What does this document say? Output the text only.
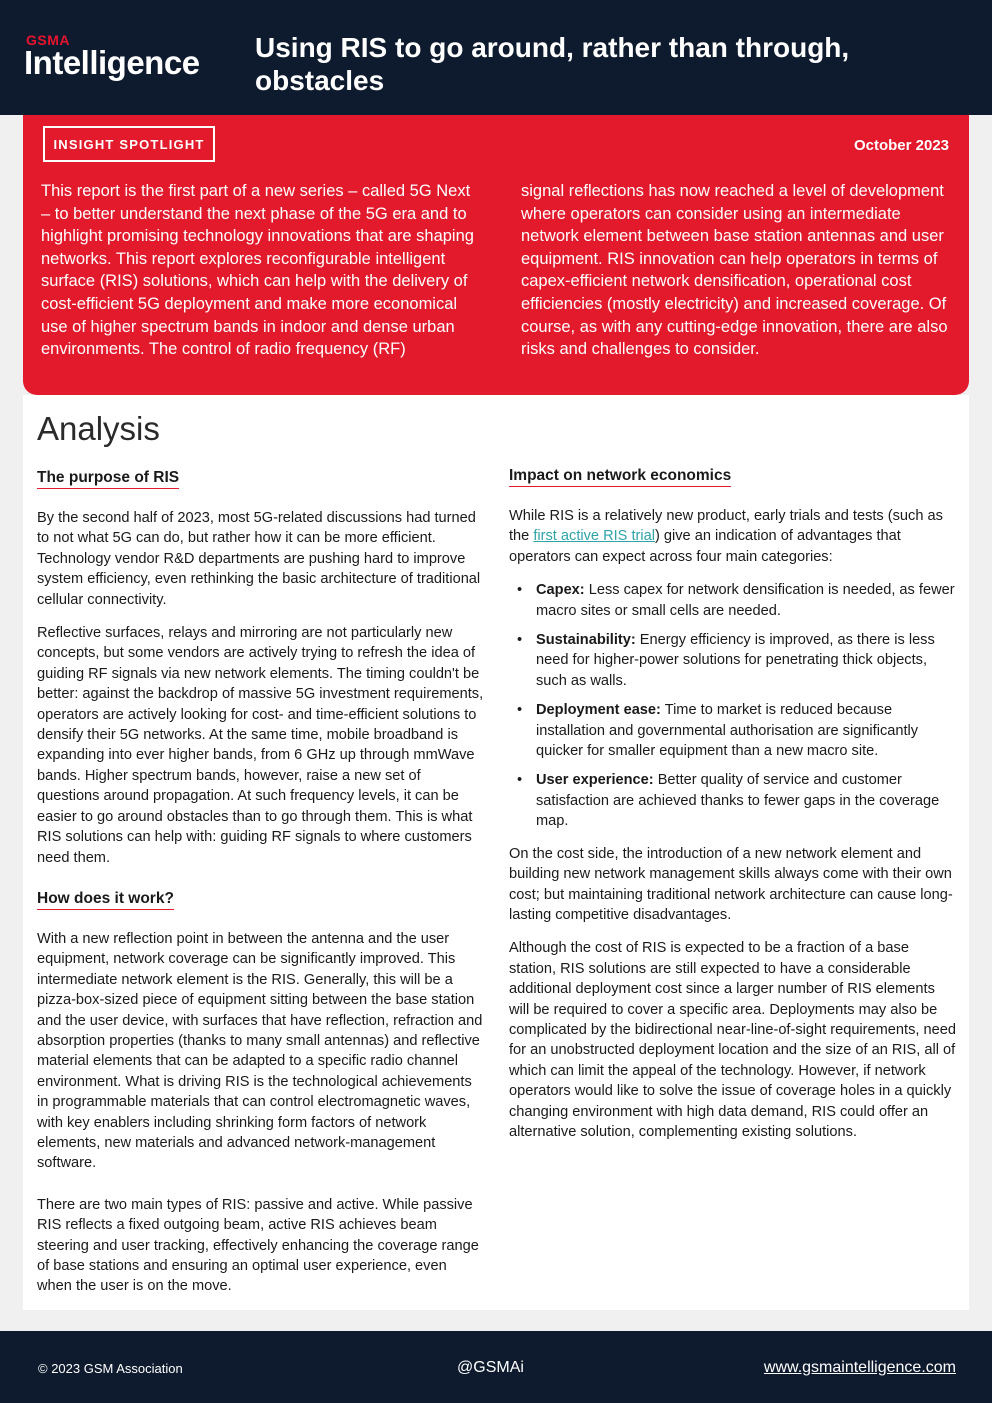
GSMA
Intelligence Using RIS to go around, rather than through, obstacles
INSIGHT SPOTLIGHT	October 2023
This report is the first part of a new series – called 5G Next – to better understand the next phase of the 5G era and to highlight promising technology innovations that are shaping networks. This report explores reconfigurable intelligent surface (RIS) solutions, which can help with the delivery of cost-efficient 5G deployment and make more economical use of higher spectrum bands in indoor and dense urban environments. The control of radio frequency (RF)
signal reflections has now reached a level of development where operators can consider using an intermediate network element between base station antennas and user equipment. RIS innovation can help operators in terms of capex-efficient network densification, operational cost efficiencies (mostly electricity) and increased coverage. Of course, as with any cutting-edge innovation, there are also risks and challenges to consider.
Analysis
The purpose of RIS

By the second half of 2023, most 5G-related discussions had turned to not what 5G can do, but rather how it can be more efficient. Technology vendor R&D departments are pushing hard to improve system efficiency, even rethinking the basic architecture of traditional cellular connectivity.

Reflective surfaces, relays and mirroring are not particularly new concepts, but some vendors are actively trying to refresh the idea of guiding RF signals via new network elements. The timing couldn't be better: against the backdrop of massive 5G investment requirements, operators are actively looking for cost- and time-efficient solutions to densify their 5G networks. At the same time, mobile broadband is expanding into ever higher bands, from 6 GHz up through mmWave bands. Higher spectrum bands, however, raise a new set of questions around propagation. At such frequency levels, it can be easier to go around obstacles than to go through them. This is what RIS solutions can help with: guiding RF signals to where customers need them.

How does it work?

With a new reflection point in between the antenna and the user equipment, network coverage can be significantly improved. This intermediate network element is the RIS. Generally, this will be a pizza-box-sized piece of equipment sitting between the base station and the user device, with surfaces that have reflection, refraction and absorption properties (thanks to many small antennas) and reflective material elements that can be adapted to a specific radio channel environment. What is driving RIS is the technological achievements in programmable materials that can control electromagnetic waves, with key enablers including shrinking form factors of network elements, new materials and advanced network-management software.

There are two main types of RIS: passive and active. While passive RIS reflects a fixed outgoing beam, active RIS achieves beam steering and user tracking, effectively enhancing the coverage range of base stations and ensuring an optimal user experience, even when the user is on the move.

Impact on network economics

While RIS is a relatively new product, early trials and tests (such as the first active RIS trial) give an indication of advantages that operators can expect across four main categories:

• Capex: Less capex for network densification is needed, as fewer macro sites or small cells are needed.
• Sustainability: Energy efficiency is improved, as there is less need for higher-power solutions for penetrating thick objects, such as walls.
• Deployment ease: Time to market is reduced because installation and governmental authorisation are significantly quicker for smaller equipment than a new macro site.
• User experience: Better quality of service and customer satisfaction are achieved thanks to fewer gaps in the coverage map.

On the cost side, the introduction of a new network element and building new network management skills always come with their own cost; but maintaining traditional network architecture can cause long-lasting competitive disadvantages.

Although the cost of RIS is expected to be a fraction of a base station, RIS solutions are still expected to have a considerable additional deployment cost since a larger number of RIS elements will be required to cover a specific area. Deployments may also be complicated by the bidirectional near-line-of-sight requirements, need for an unobstructed deployment location and the size of an RIS, all of which can limit the appeal of the technology. However, if network operators would like to solve the issue of coverage holes in a quickly changing environment with high data demand, RIS could offer an alternative solution, complementing existing solutions.

© 2023 GSM Association	@GSMAi	www.gsmaintelligence.com
